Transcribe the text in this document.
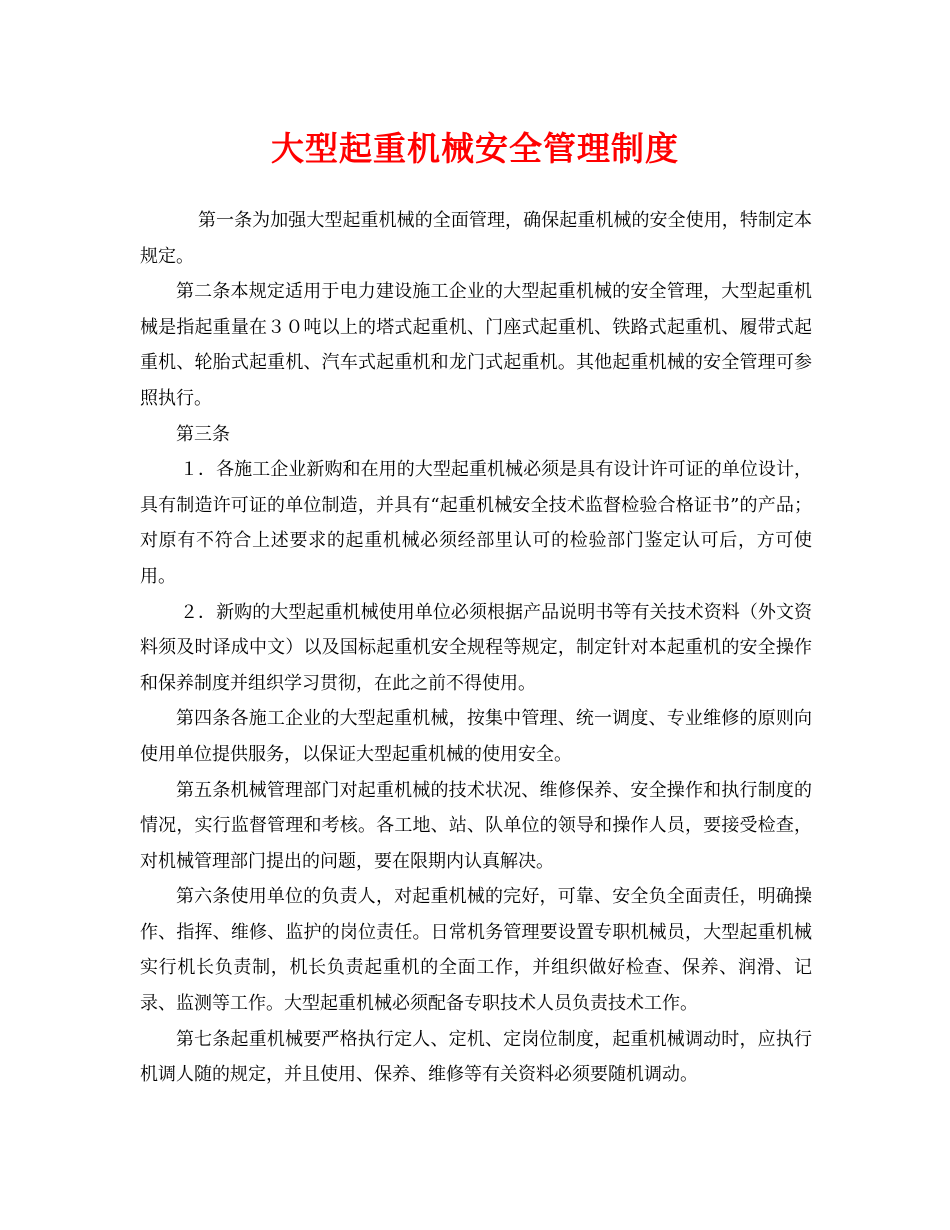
大型起重机械安全管理制度

第一条为加强大型起重机械的全面管理，确保起重机械的安全使用，特制定本规定。

第二条本规定适用于电力建设施工企业的大型起重机械的安全管理，大型起重机械是指起重量在３０吨以上的塔式起重机、门座式起重机、铁路式起重机、履带式起重机、轮胎式起重机、汽车式起重机和龙门式起重机。其他起重机械的安全管理可参照执行。

第三条

１．各施工企业新购和在用的大型起重机械必须是具有设计许可证的单位设计，具有制造许可证的单位制造，并具有“起重机械安全技术监督检验合格证书”的产品；对原有不符合上述要求的起重机械必须经部里认可的检验部门鉴定认可后，方可使用。

２．新购的大型起重机械使用单位必须根据产品说明书等有关技术资料（外文资料须及时译成中文）以及国标起重机安全规程等规定，制定针对本起重机的安全操作和保养制度并组织学习贯彻，在此之前不得使用。

第四条各施工企业的大型起重机械，按集中管理、统一调度、专业维修的原则向使用单位提供服务，以保证大型起重机械的使用安全。

第五条机械管理部门对起重机械的技术状况、维修保养、安全操作和执行制度的情况，实行监督管理和考核。各工地、站、队单位的领导和操作人员，要接受检查，对机械管理部门提出的问题，要在限期内认真解决。

第六条使用单位的负责人，对起重机械的完好，可靠、安全负全面责任，明确操作、指挥、维修、监护的岗位责任。日常机务管理要设置专职机械员，大型起重机械实行机长负责制，机长负责起重机的全面工作，并组织做好检查、保养、润滑、记录、监测等工作。大型起重机械必须配备专职技术人员负责技术工作。

第七条起重机械要严格执行定人、定机、定岗位制度，起重机械调动时，应执行机调人随的规定，并且使用、保养、维修等有关资料必须要随机调动。
